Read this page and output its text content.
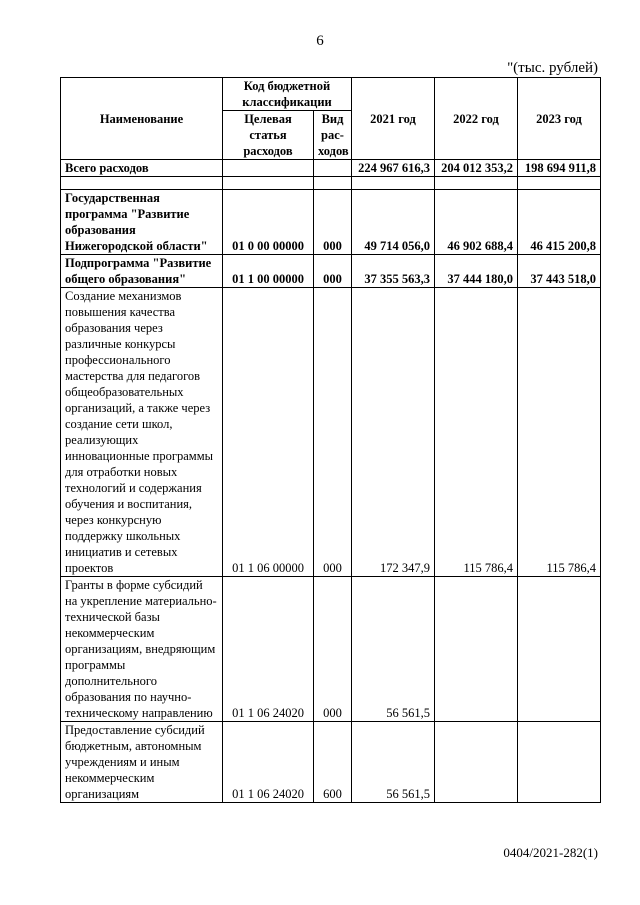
6
"(тыс. рублей)
Наименование	Код бюджетной классификации		2021 год	2022 год	2023 год
	Целевая статья расходов	Вид рас-ходов			
Всего расходов			224 967 616,3	204 012 353,2	198 694 911,8

Государственная программа "Развитие образования Нижегородской области"	01 0 00 00000	000	49 714 056,0	46 902 688,4	46 415 200,8
Подпрограмма "Развитие общего образования"	01 1 00 00000	000	37 355 563,3	37 444 180,0	37 443 518,0
Создание механизмов повышения качества образования через различные конкурсы профессионального мастерства для педагогов общеобразовательных организаций, а также через создание сети школ, реализующих инновационные программы для отработки новых технологий и содержания обучения и воспитания, через конкурсную поддержку школьных инициатив и сетевых проектов	01 1 06 00000	000	172 347,9	115 786,4	115 786,4
Гранты в форме субсидий на укрепление материально-технической базы некоммерческим организациям, внедряющим программы дополнительного образования по научно-техническому направлению	01 1 06 24020	000	56 561,5		
Предоставление субсидий бюджетным, автономным учреждениям и иным некоммерческим организациям	01 1 06 24020	600	56 561,5		
0404/2021-282(1)
